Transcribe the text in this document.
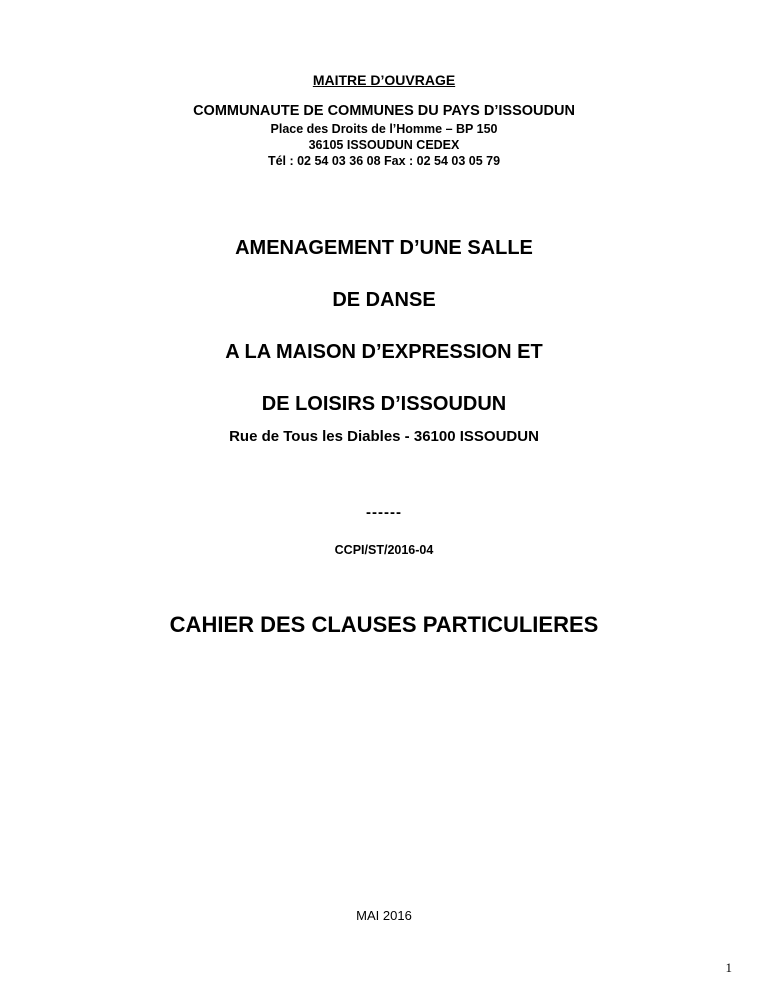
MAITRE D’OUVRAGE
COMMUNAUTE DE COMMUNES DU PAYS D’ISSOUDUN
Place des Droits de l’Homme – BP 150
36105 ISSOUDUN CEDEX
Tél : 02 54 03 36 08 Fax : 02 54 03 05 79
AMENAGEMENT D’UNE SALLE
DE DANSE
A LA MAISON D’EXPRESSION ET
DE LOISIRS D’ISSOUDUN
Rue de Tous les Diables - 36100 ISSOUDUN
------
CCPI/ST/2016-04
CAHIER DES CLAUSES PARTICULIERES
MAI 2016
1
